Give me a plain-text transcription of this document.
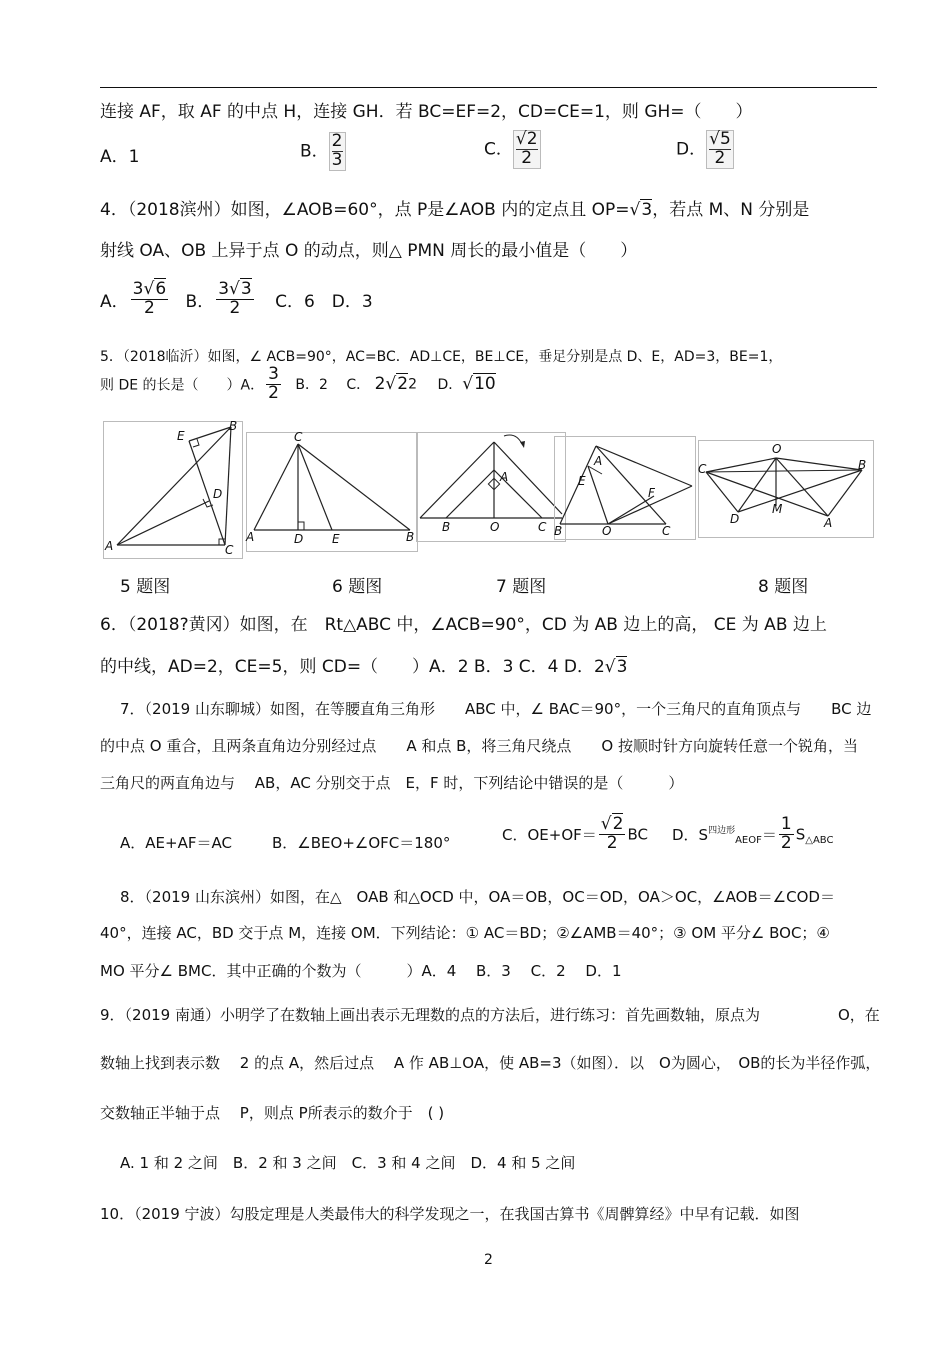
连接 AF，取 AF 的中点 H，连接 GH．若 BC=EF=2，CD=CE=1，则 GH=（　　）
A．1	B． $\frac{2}{3}$	C． $\frac{√2}{2}$	D． $\frac{√5}{2}$
4．（2018滨州）如图，∠AOB=60°，点 P是∠AOB 内的定点且 OP=√3，若点 M、N 分别是
射线 OA、OB 上异于点 O 的动点，则△ PMN 周长的最小值是（　　）
A． $\frac{3√6}{2}$ B． $\frac{3√3}{2}$ C．6　D．3
5．（2018临沂）如图，∠ ACB=90°，AC=BC．AD⊥CE，BE⊥CE，垂足分别是点 D、E，AD=3，BE=1，
则 DE 的长是（　　）A． $\frac{3}{2}$ B．2　 C． 2√22 D．√10
E
B
D
A	C
C
A	D E	B
A
B	O	C
A
E
F
B	O	C
O
C	B
M
D	A
5 题图	6 题图	7 题图	8 题图
6．（2018?黄冈）如图，在　Rt△ABC 中，∠ACB=90°，CD 为 AB 边上的高， CE 为 AB 边上
的中线，AD=2，CE=5，则 CD=（　　）A．2 B．3 C．4 D．2√3
7．（2019 山东聊城）如图，在等腰直角三角形　　ABC 中，∠ BAC＝90°，一个三角尺的直角顶点与　　BC 边
的中点 O 重合，且两条直角边分别经过点　　A 和点 B，将三角尺绕点　　O 按顺时针方向旋转任意一个锐角，当
三角尺的两直角边与　 AB，AC 分别交于点　E，F 时，下列结论中错误的是（　　　）
A．AE+AF＝AC	B．∠BEO+∠OFC＝180°	C．$OE+OF= \frac{√2}{2}$ BC D．$S^{四边形}_{AEOF}= \frac{1}{2} S_{\triangle ABC}$
8．（2019 山东滨州）如图，在△　OAB 和△OCD 中，OA＝OB，OC＝OD，OA＞OC，∠AOB＝∠COD＝
40°，连接 AC，BD 交于点 M，连接 OM．下列结论：① AC＝BD；②∠AMB＝40°；③ OM 平分∠ BOC；④
MO 平分∠ BMC．其中正确的个数为（　　　）A．4　 B．3　 C．2　 D．1
9．（2019 南通）小明学了在数轴上画出表示无理数的点的方法后，进行练习：首先画数轴，原点为	O，在
数轴上找到表示数　 2 的点 A，然后过点　 A 作 AB⊥OA，使 AB=3（如图）．以　O为圆心，　OB的长为半径作弧，
交数轴正半轴于点　 P，则点 P所表示的数介于　( )
A. 1 和 2 之间　B．2 和 3 之间　C．3 和 4 之间　D．4 和 5 之间
10．（2019 宁波）勾股定理是人类最伟大的科学发现之一，在我国古算书《周髀算经》中早有记载．如图
2
